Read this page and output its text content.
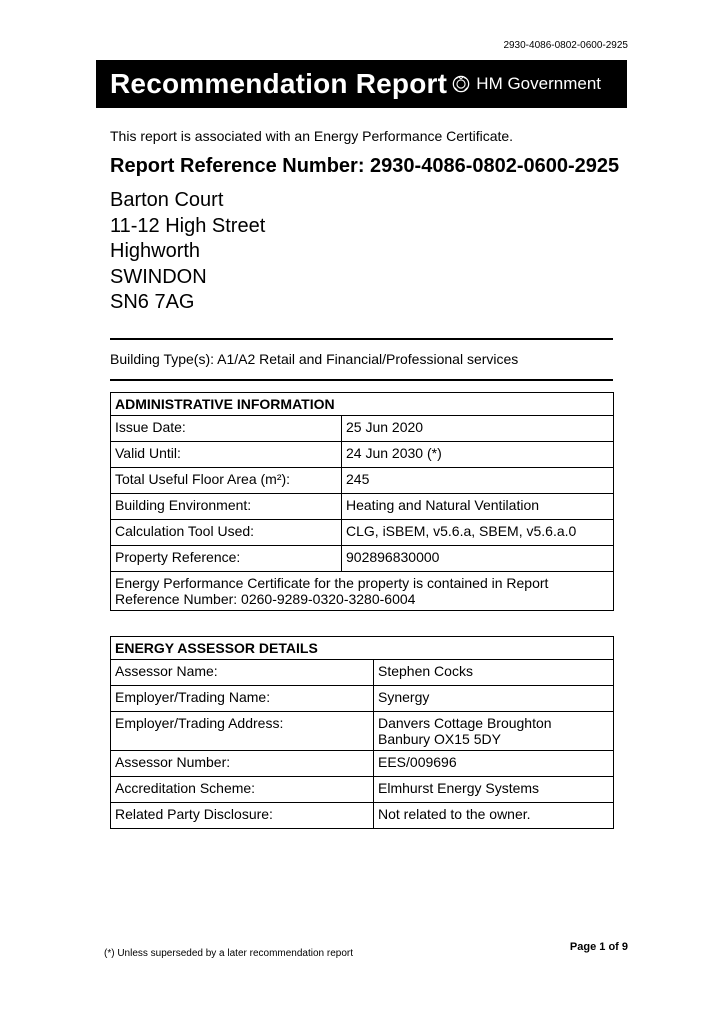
2930-4086-0802-0600-2925
Recommendation Report HM Government
This report is associated with an Energy Performance Certificate.
Report Reference Number: 2930-4086-0802-0600-2925
Barton Court
11-12 High Street
Highworth
SWINDON
SN6 7AG
Building Type(s): A1/A2 Retail and Financial/Professional services
ADMINISTRATIVE INFORMATION	
Issue Date:	25 Jun 2020
Valid Until:	24 Jun 2030 (*)
Total Useful Floor Area (m²):	245
Building Environment:	Heating and Natural Ventilation
Calculation Tool Used:	CLG, iSBEM, v5.6.a, SBEM, v5.6.a.0
Property Reference:	902896830000
Energy Performance Certificate for the property is contained in Report Reference Number: 0260-9289-0320-3280-6004	
ENERGY ASSESSOR DETAILS	
Assessor Name:	Stephen Cocks
Employer/Trading Name:	Synergy
Employer/Trading Address:	Danvers Cottage Broughton Banbury OX15 5DY
Assessor Number:	EES/009696
Accreditation Scheme:	Elmhurst Energy Systems
Related Party Disclosure:	Not related to the owner.
(*) Unless superseded by a later recommendation report
Page 1 of 9
